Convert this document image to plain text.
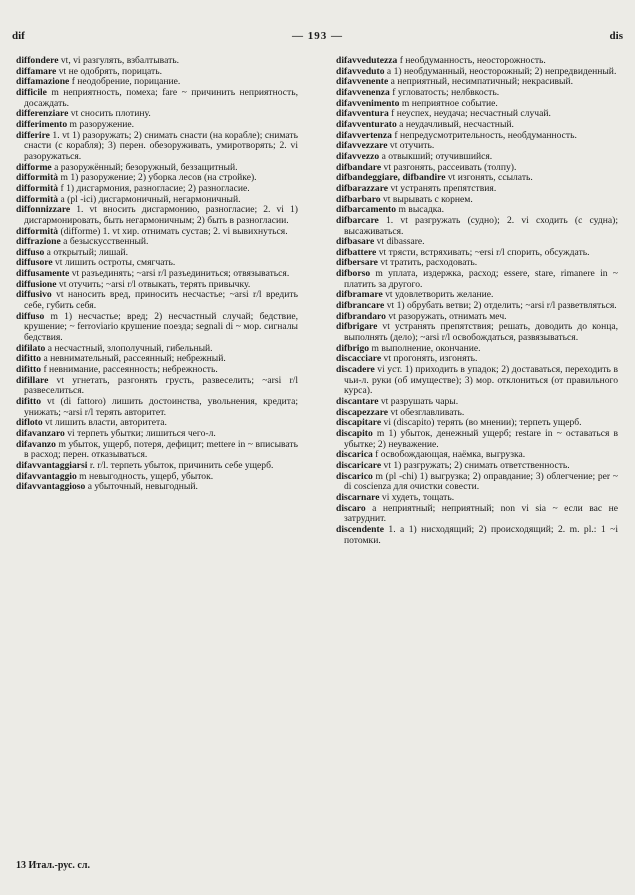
dif	— 193 —	dis

diffondere vt, vi разгулять, взбалтывать.

diffamare vt не одобрять, порицать.

diffamazione f неодобрение, порицание.

difficile m неприятность, помеха; fare ~ причинить неприятность, досаждать.

differenziare vt сносить плотину.

differimento m разоружение.

differire 1. vt 1) разоружать; 2) снимать снасти (на корабле); снимать снасти (с корабля); 3) перен. обезоруживать, умиротворять; 2. vi разоружаться.

difforme a разоружённый; безоружный, беззащитный.

difformità m 1) разоружение; 2) уборка лесов (на стройке).

difformità f 1) дисгармония, разногласие; 2) разногласие.

difformità a (pl -ici) дисгармоничный, негармоничный.

diffonnizzare 1. vt вносить дисгармонию, разногласие; 2. vi 1) дисгармонировать, быть негармоничным; 2) быть в разногласии.

difformità (difforme) 1. vt хир. отнимать сустав; 2. vi вывихнуться.

diffrazione a безыскусственный.

diffuso a открытый; лишай.

diffusore vt лишить остроты, смягчать.

diffusamente vt разъединять; ~arsi r/l разъединиться; отвязываться.

diffusione vt отучить; ~arsi r/l отвыкать, терять привычку.

diffusivo vt наносить вред, приносить несчастье; ~arsi r/l вредить себе, губить себя.

diffuso m 1) несчастье; вред; 2) несчастный случай; бедствие, крушение; ~ ferroviario крушение поезда; segnali di ~ мор. сигналы бедствия.

difilato a несчастный, злополучный, гибельный.

difitto a невнимательный, рассеянный; небрежный.

difitto f невнимание, рассеянность; небрежность.

difillare vt угнетать, разгонять грусть, развеселить; ~arsi r/l развеселиться.

difitto vt (di fattoro) лишить достоинства, увольнения, кредита; унижать; ~arsi r/l терять авторитет.

difloto vt лишить власти, авторитета.

difavanzaro vi терпеть убытки; лишиться чего-л.

difavanzo m убыток, ущерб, потеря, дефицит; mettere in ~ вписывать в расход; перен. отказываться.

difavvantaggiarsi r. r/l. терпеть убыток, причинить себе ущерб.

difavvantaggio m невыгодность, ущерб, убыток.

difavvantaggioso a убыточный, невыгодный.

difavvedutezza f необдуманность, неосторожность.

difavveduto a 1) необдуманный, неосторожный; 2) непредвиденный.

difavvenente a неприятный, несимпатичный; некрасивый.

difavvenenza f угловатость; нелбвкость.

difavvenimento m неприятное событие.

difavventura f неуспех, неудача; несчастный случай.

difavventurato a неудачливый, несчастный.

difavvertenza f непредусмотрительность, необдуманность.

difavvezzare vt отучить.

difavvezzo a отвыкший; отучившийся.

difbandare vt разгонять, рассеивать (толпу).

difbandeggiare, difbandire vt изгонять, ссылать.

difbarazzare vt устранять препятствия.

difbarbaro vt вырывать с корнем.

difbarcamento m высадка.

difbarcare 1. vt разгружать (судно); 2. vi сходить (с судна); высаживаться.

difbasare vt dibassare.

difbattere vt трясти, встряхивать; ~ersi r/l спорить, обсуждать.

difbersare vt тратить, расходовать.

difborso m уплата, издержка, расход; essere, stare, rimanere in ~ платить за другого.

difbramare vt удовлетворить желание.

difbrancare vt 1) обрубать ветви; 2) отделить; ~arsi r/l разветвляться.

difbrandaro vt разоружать, отнимать меч.

difbrigare vt устранять препятствия; решать, доводить до конца, выполнять (дело); ~arsi r/l освобождаться, развязываться.

difbrigo m выполнение, окончание.

discacciare vt прогонять, изгонять.

discadere vi уст. 1) приходить в упадок; 2) доставаться, переходить в чьи-л. руки (об имуществе); 3) мор. отклониться (от правильного курса).

discantare vt разрушать чары.

discapezzare vt обезглавливать.

discapitare vi (discapito) терять (во мнении); терпеть ущерб.

discapito m 1) убыток, денежный ущерб; restare in ~ оставаться в убытке; 2) неуважение.

discarica f освобождающая, наёмка, выгрузка.

discaricare vt 1) разгружать; 2) снимать ответственность.

discarico m (pl -chi) 1) выгрузка; 2) оправдание; 3) облегчение; per ~ di coscienza для очистки совести.

discarnare vi худеть, тощать.

discaro a неприятный; неприятный; non vi sia ~ если вас не затруднит.

discendente 1. a 1) нисходящий; 2) происходящий; 2. m. pl.: 1 ~i потомки.

13 Итал.-рус. сл.
